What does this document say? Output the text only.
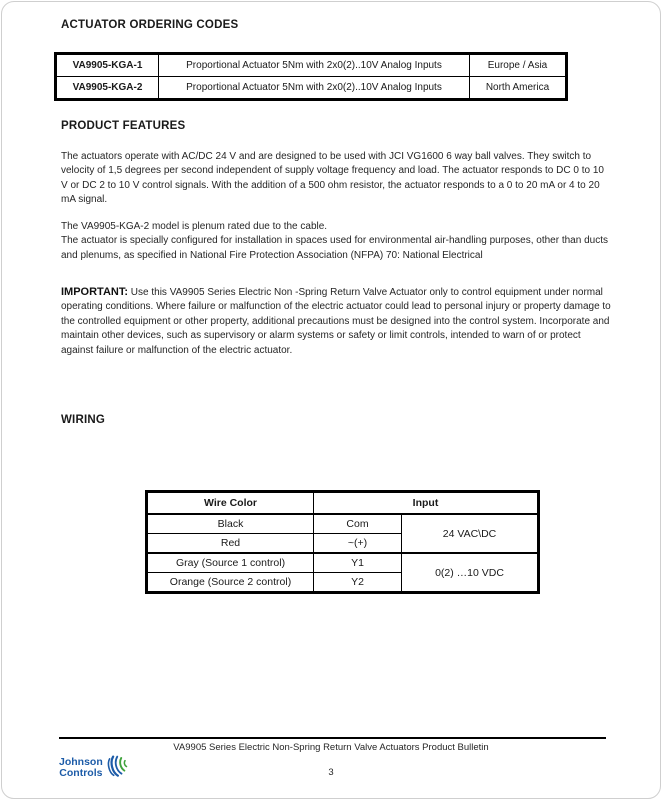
ACTUATOR ORDERING CODES
VA9905-KGA-1	Proportional Actuator 5Nm with 2x0(2)..10V Analog Inputs	Europe / Asia
VA9905-KGA-2	Proportional Actuator 5Nm with 2x0(2)..10V Analog Inputs	North America
PRODUCT FEATURES
The actuators operate with AC/DC 24 V and are designed to be used with JCI VG1600 6 way ball valves. They switch to velocity of 1,5 degrees per second independent of supply voltage frequency and load. The actuator responds to DC 0 to 10 V or DC 2 to 10 V control signals. With the addition of a 500 ohm resistor, the actuator responds to a 0 to 20 mA or 4 to 20 mA signal.
The VA9905-KGA-2 model is plenum rated due to the cable.
The actuator is specially configured for installation in spaces used for environmental air-handling purposes, other than ducts and plenums, as specified in National Fire Protection Association (NFPA) 70: National Electrical
IMPORTANT: Use this VA9905 Series Electric Non -Spring Return Valve Actuator only to control equipment under normal operating conditions. Where failure or malfunction of the electric actuator could lead to personal injury or property damage to the controlled equipment or other property, additional precautions must be designed into the control system. Incorporate and maintain other devices, such as supervisory or alarm systems or safety or limit controls, intended to warn of or protect against failure or malfunction of the electric actuator.
WIRING
Wire Color	Input	
Black	Com	24 VAC\DC
Red	~(+)	
Gray (Source 1 control)	Y1	0(2) …10 VDC
Orange (Source 2 control)	Y2	
VA9905 Series Electric Non-Spring Return Valve Actuators Product Bulletin
Johnson
Controls	3
